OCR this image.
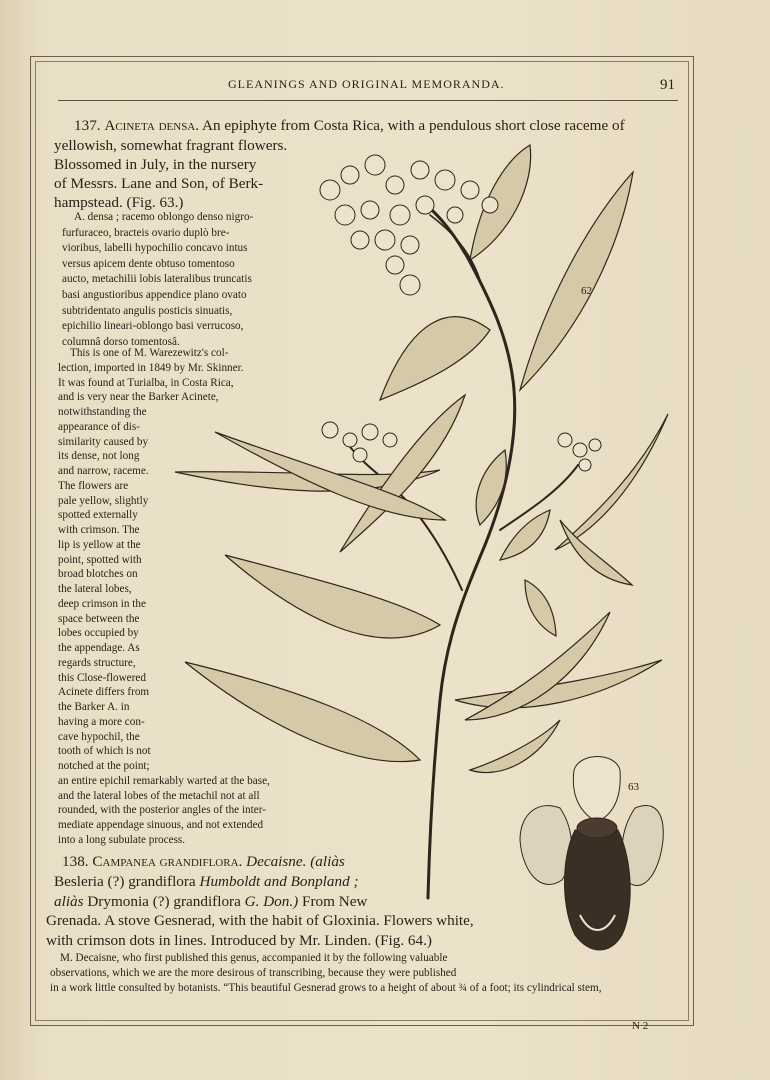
GLEANINGS AND ORIGINAL MEMORANDA.	91
137. Acineta densa. An epiphyte from Costa Rica, with a pendulous short close raceme of
yellowish, somewhat fragrant flowers.
Blossomed in July, in the nursery
of Messrs. Lane and Son, of Berk-
hampstead. (Fig. 63.)
A. densa ; racemo oblongo denso nigro-
furfuraceo, bracteis ovario duplò bre-
vioribus, labelli hypochilio concavo intus
versus apicem dente obtuso tomentoso
aucto, metachilii lobis lateralibus truncatis
basi angustioribus appendice plano ovato
subtridentato angulis posticis sinuatis,
epichilio lineari-oblongo basi verrucoso,
columnâ dorso tomentosâ.
This is one of M. Warezewitz's col-
lection, imported in 1849 by Mr. Skinner.
It was found at Turialba, in Costa Rica,
and is very near the Barker Acinete,
notwithstanding the
appearance of dis-
similarity caused by
its dense, not long
and narrow, raceme.
The flowers are
pale yellow, slightly
spotted externally
with crimson. The
lip is yellow at the
point, spotted with
broad blotches on
the lateral lobes,
deep crimson in the
space between the
lobes occupied by
the appendage. As
regards structure,
this Close-flowered
Acinete differs from
the Barker A. in
having a more con-
cave hypochil, the
tooth of which is not
notched at the point;
an entire epichil remarkably warted at the base,
and the lateral lobes of the metachil not at all
rounded, with the posterior angles of the inter-
mediate appendage sinuous, and not extended
into a long subulate process.
138. Campanea grandiflora. Decaisne. (aliàs
Besleria (?) grandiflora Humboldt and Bonpland ;
aliàs Drymonia (?) grandiflora G. Don.) From New
Grenada. A stove Gesnerad, with the habit of Gloxinia. Flowers white,
with crimson dots in lines. Introduced by Mr. Linden. (Fig. 64.)
M. Decaisne, who first published this genus, accompanied it by the following valuable
observations, which we are the more desirous of transcribing, because they were published
in a work little consulted by botanists. “This beautiful Gesnerad grows to a height of about ¾ of a foot; its cylindrical stem,
62
63
N 2
